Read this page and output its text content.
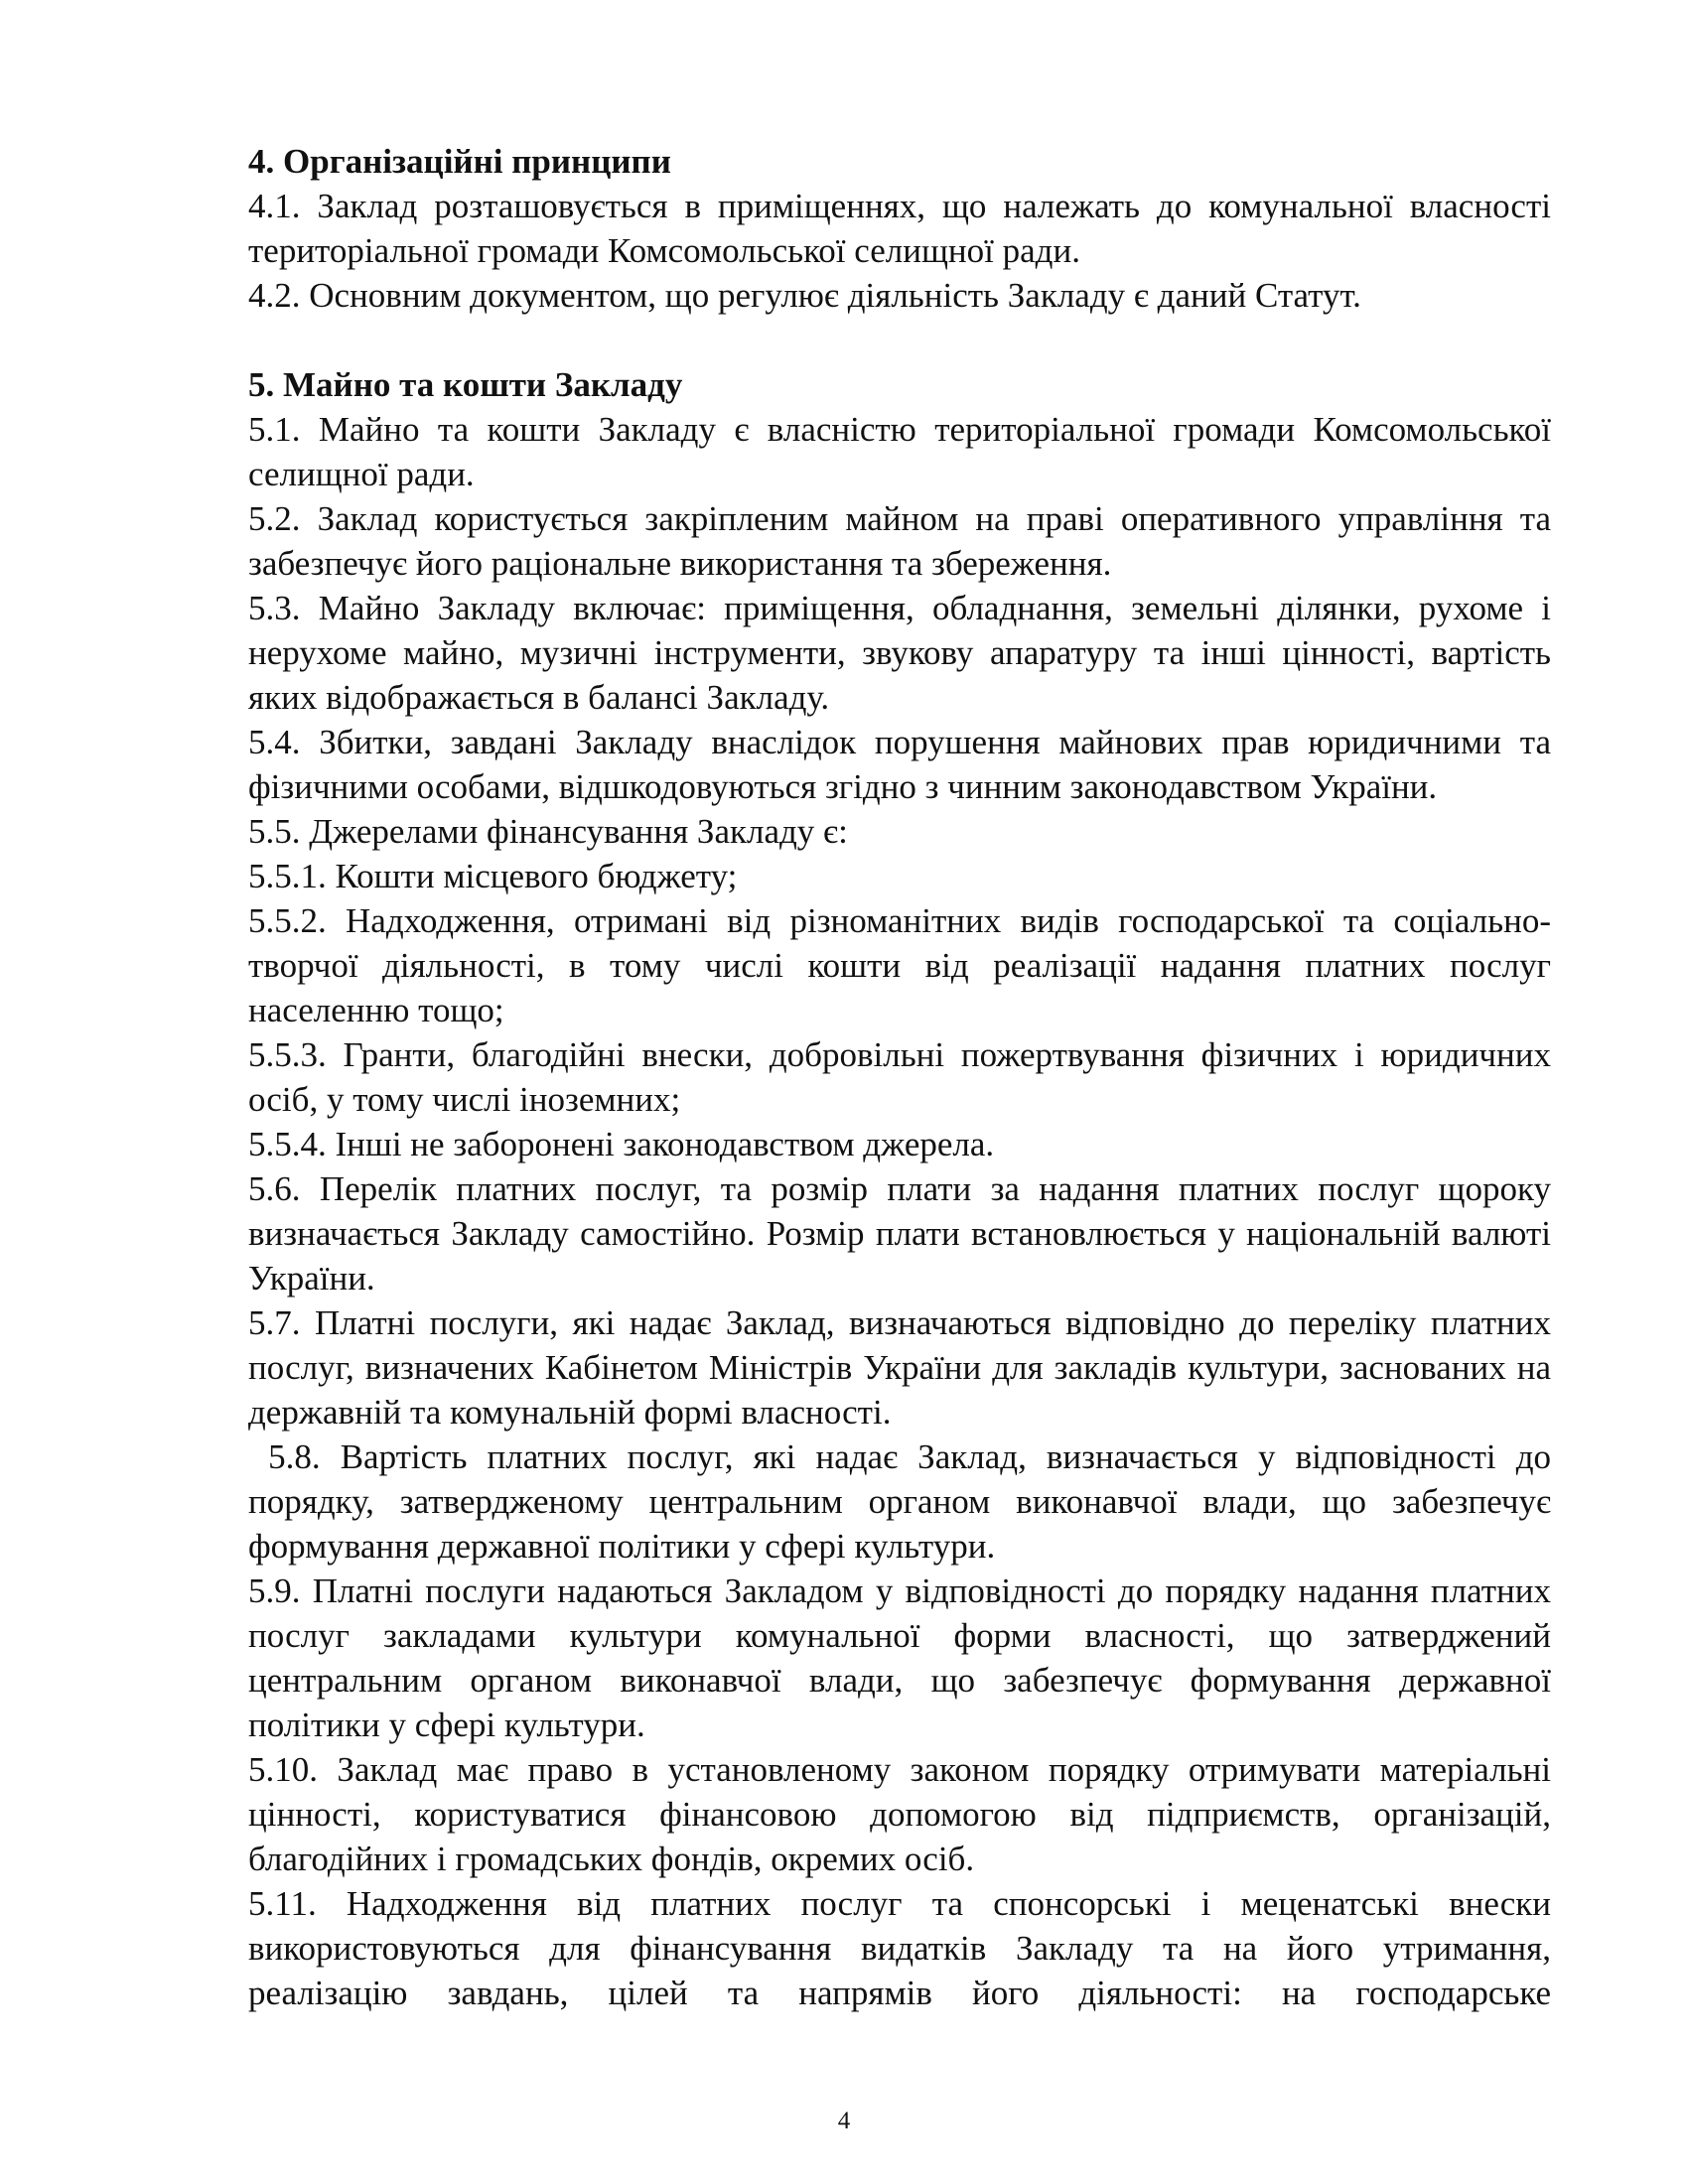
4. Організаційні принципи

4.1. Заклад розташовується в приміщеннях, що належать до комунальної власності територіальної громади Комсомольської селищної ради.

4.2. Основним документом, що регулює діяльність Закладу є даний Статут.

5. Майно та кошти Закладу

5.1. Майно та кошти Закладу є власністю територіальної громади Комсомольської селищної ради.

5.2. Заклад користується закріпленим майном на праві оперативного управління та забезпечує його раціональне використання та збереження.

5.3. Майно Закладу включає: приміщення, обладнання, земельні ділянки, рухоме і нерухоме майно, музичні інструменти, звукову апаратуру та інші цінності, вартість яких відображається в балансі Закладу.

5.4. Збитки, завдані Закладу внаслідок порушення майнових прав юридичними та фізичними особами, відшкодовуються згідно з чинним законодавством України.

5.5. Джерелами фінансування Закладу є:

5.5.1. Кошти місцевого бюджету;

5.5.2. Надходження, отримані від різноманітних видів господарської та соціально-творчої діяльності, в тому числі кошти від реалізації надання платних послуг населенню тощо;

5.5.3. Гранти, благодійні внески, добровільні пожертвування фізичних і юридичних осіб, у тому числі іноземних;

5.5.4. Інші не заборонені законодавством джерела.

5.6. Перелік платних послуг, та розмір плати за надання платних послуг щороку визначається Закладу самостійно. Розмір плати встановлюється у національній валюті України.

5.7. Платні послуги, які надає Заклад, визначаються відповідно до переліку платних послуг, визначених Кабінетом Міністрів України для закладів культури, заснованих на державній та комунальній формі власності.

5.8. Вартість платних послуг, які надає Заклад, визначається у відповідності до порядку, затвердженому центральним органом виконавчої влади, що забезпечує формування державної політики у сфері культури.

5.9. Платні послуги надаються Закладом у відповідності до порядку надання платних послуг закладами культури комунальної форми власності, що затверджений центральним органом виконавчої влади, що забезпечує формування державної політики у сфері культури.

5.10. Заклад має право в установленому законом порядку отримувати матеріальні цінності, користуватися фінансовою допомогою від підприємств, організацій, благодійних і громадських фондів, окремих осіб.

5.11. Надходження від платних послуг та спонсорські і меценатські внески використовуються для фінансування видатків Закладу та на його утримання, реалізацію завдань, цілей та напрямів його діяльності: на господарське

4
